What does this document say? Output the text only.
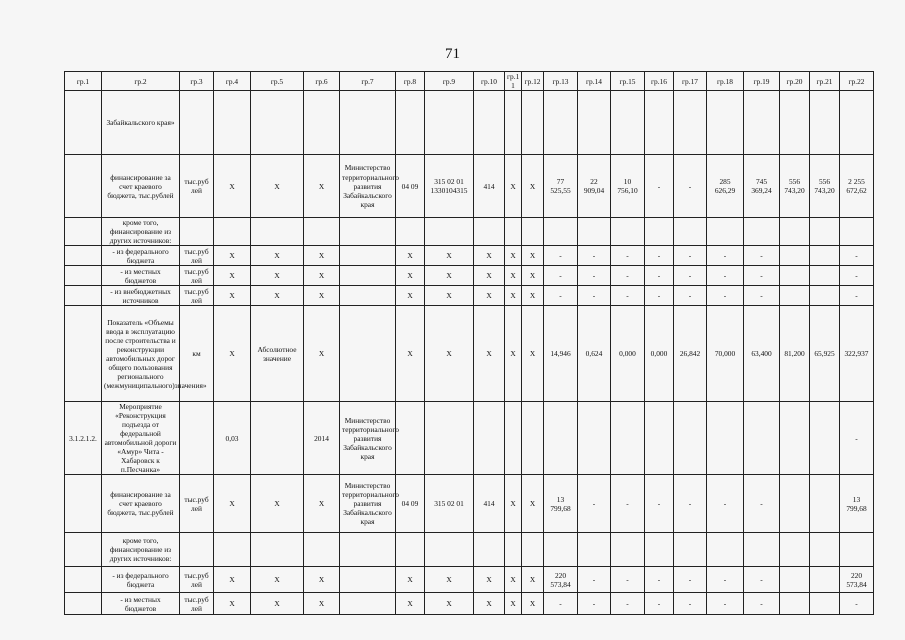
71
гр.1	гр.2	гр.3	гр.4	гр.5	гр.6	гр.7	гр.8	гр.9	гр.10	гр.1 1	гр.12	гр.13	гр.14	гр.15	гр.16	гр.17	гр.18	гр.19	гр.20	гр.21	гр.22
	Забайкальского края»																				
	финансирование за счет краевого бюджета, тыс.рублей	тыс.руб лей	X	X	X	Министерство территориального развития Забайкальского края	04 09	315 02 01 1330104315	414	X	X	77 525,55	22 909,04	10 756,10	-	-	285 626,29	745 369,24	556 743,20	556 743,20	2 255 672,62
	кроме того, финансирование из других источников:																				
	- из федерального бюджета	тыс.руб лей	X	X	X		X	X	X	X	X	-	-	-	-	-	-	-			-
	- из местных бюджетов	тыс.руб лей	X	X	X		X	X	X	X	X	-	-	-	-	-	-	-			-
	- из внебюджетных источников	тыс.руб лей	X	X	X		X	X	X	X	X	-	-	-	-	-	-	-			-
	Показатель «Объемы ввода в эксплуатацию после строительства и реконструкции автомобильных дорог общего пользования регионального (межмуниципального)значения»	км	X	Абсолютное значение	X		X	X	X	X	X	14,946	0,624	0,000	0,000	26,842	70,000	63,400	81,200	65,925	322,937
3.1.2.1.2.	Мероприятие «Реконструкция подъезда от федеральной автомобильной дороги «Амур» Чита - Хабаровск к п.Песчанка»		0,03		2014	Министерство территориального развития Забайкальского края															-
	финансирование за счет краевого бюджета, тыс.рублей	тыс.руб лей	X	X	X	Министерство территориального развития Забайкальского края	04 09	315 02 01	414	X	X	13 799,68	-	-	-	-	-	-			13 799,68
	кроме того, финансирование из других источников:																				
	- из федерального бюджета	тыс.руб лей	X	X	X		X	X	X	X	X	220 573,84	-	-	-	-	-	-			220 573,84
	- из местных бюджетов	тыс.руб лей	X	X	X		X	X	X	X	X	-	-	-	-	-	-	-			-
